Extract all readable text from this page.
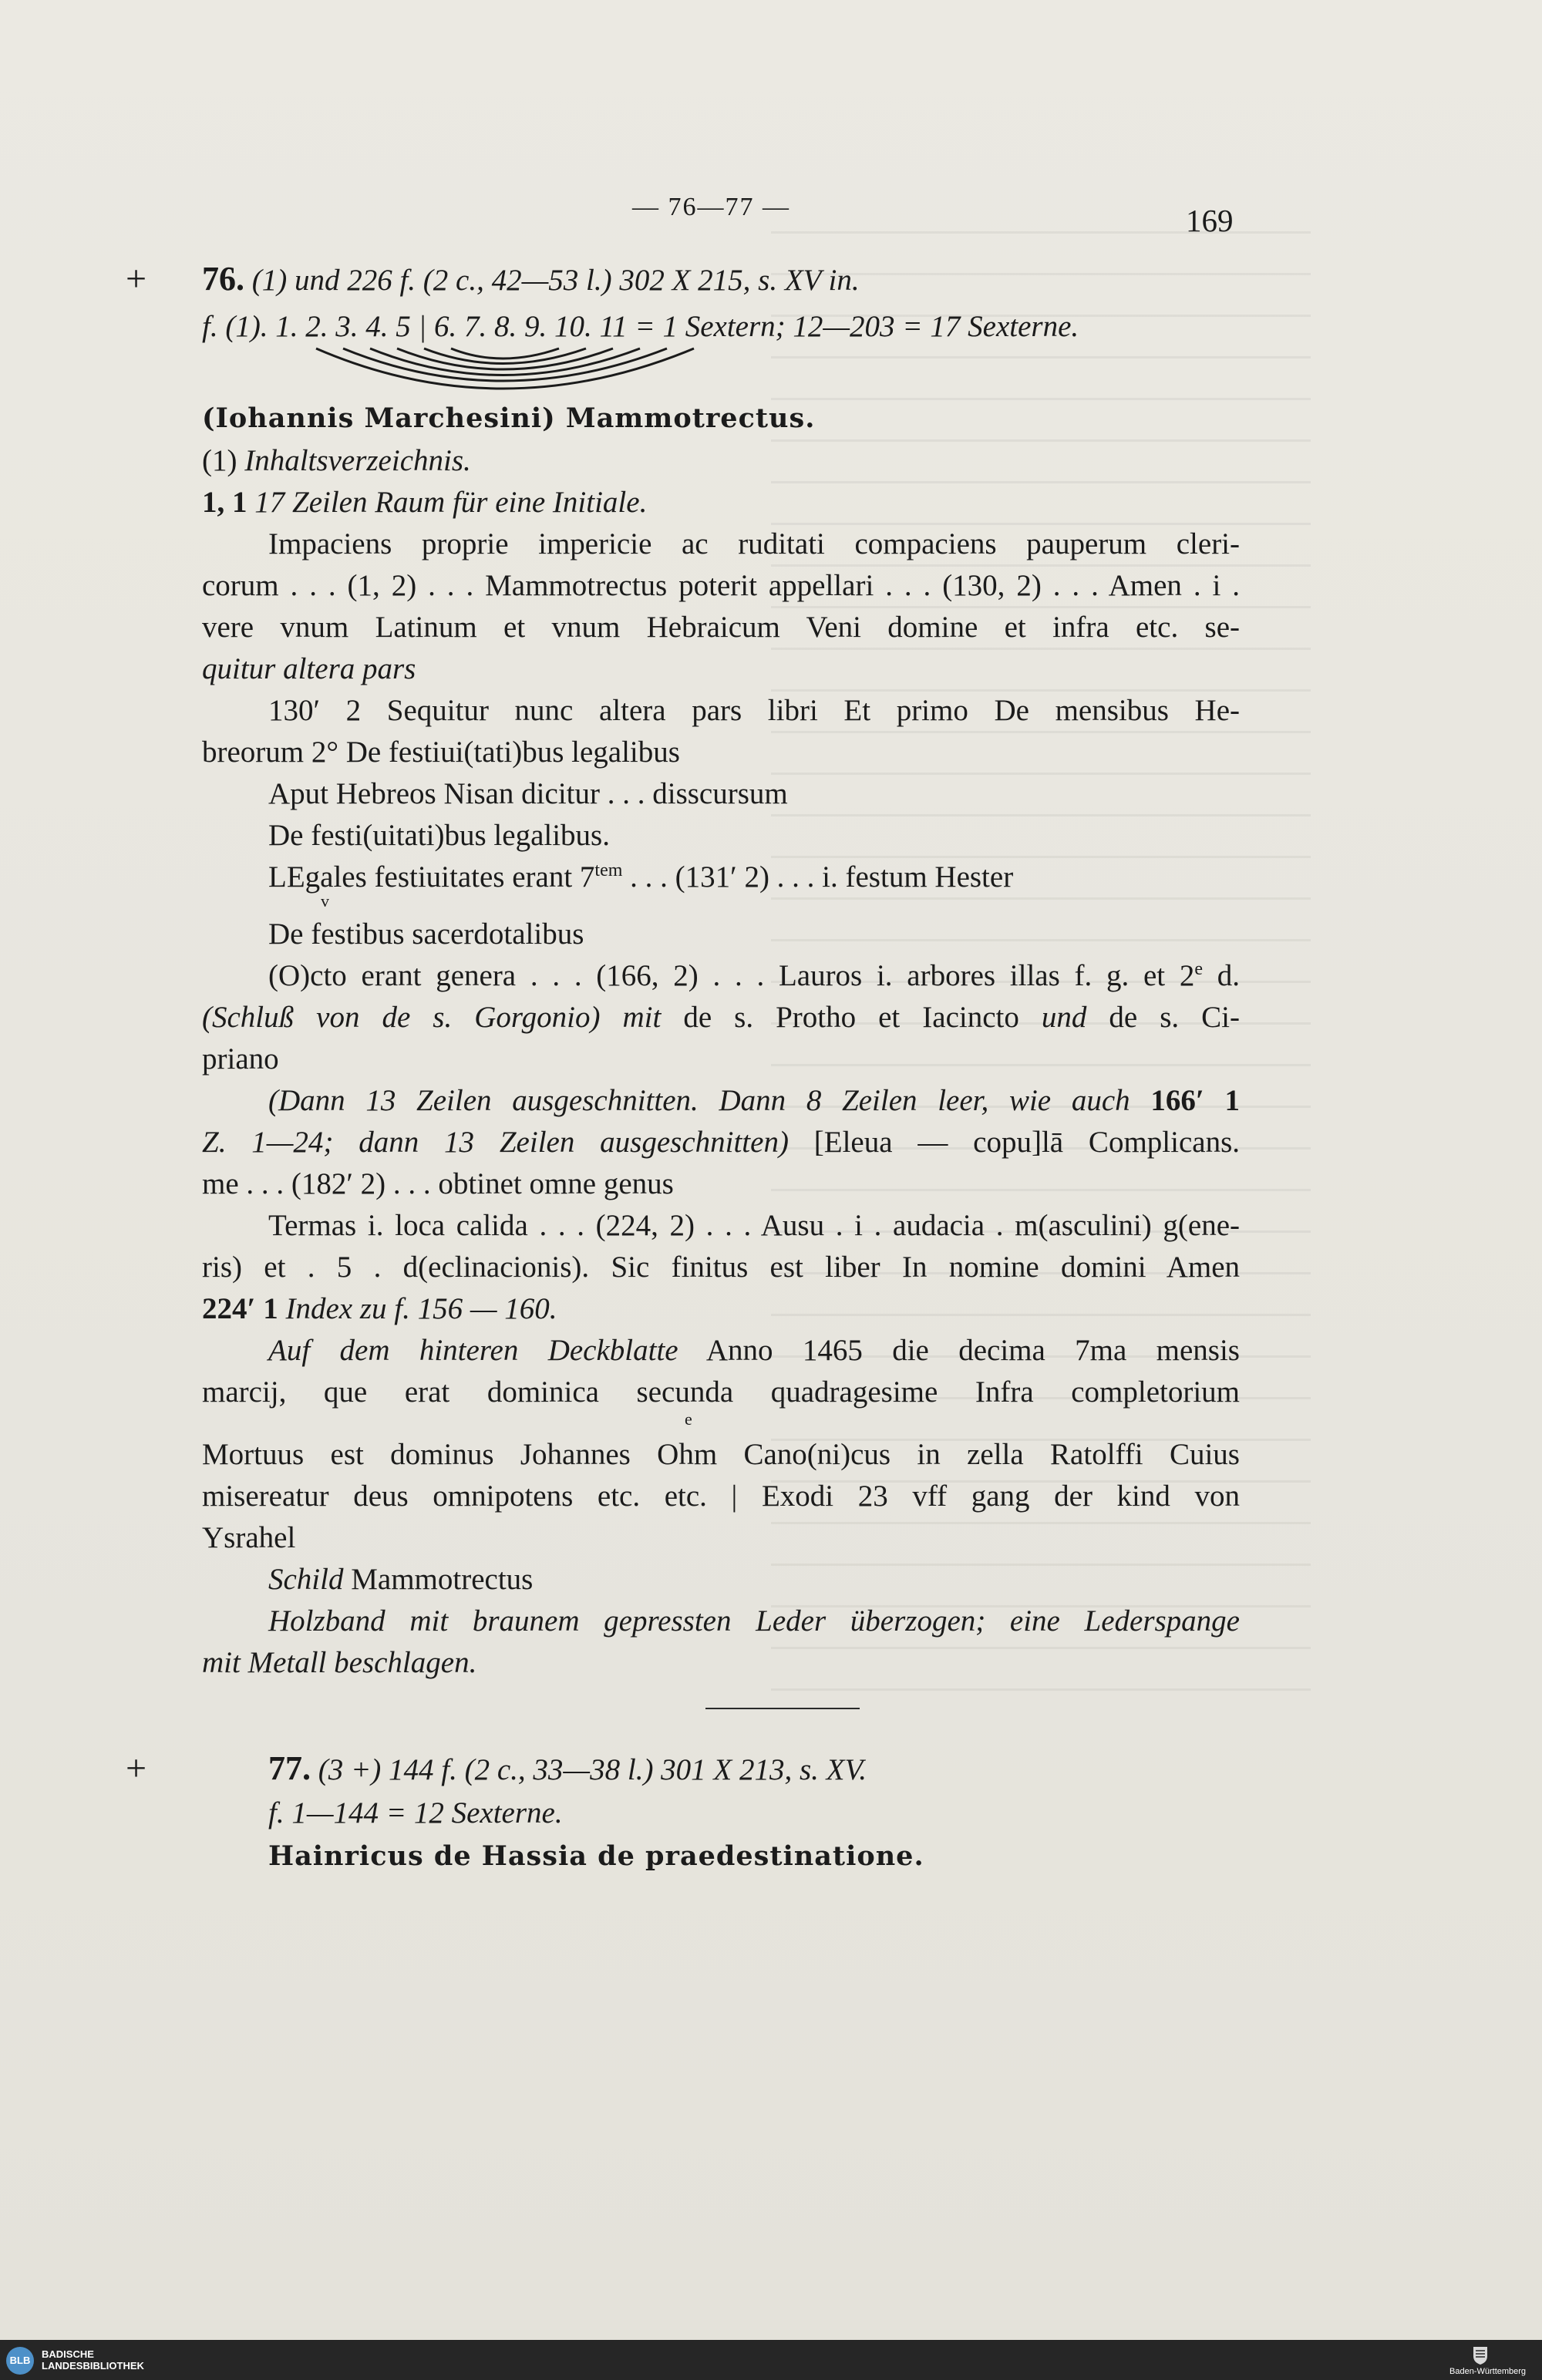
— 76—77 —	169
+
+
76. (1) und 226 f. (2 c., 42—53 l.) 302 X 215, s. XV in.
f. (1). 1. 2. 3. 4. 5 | 6. 7. 8. 9. 10. 11 = 1 Sextern; 12—203 = 17 Sexterne.
(Iohannis Marchesini) Mammotrectus.
(1) Inhaltsverzeichnis.
1, 1 17 Zeilen Raum für eine Initiale.
Impaciens proprie impericie ac ruditati compaciens pauperum cleri-
corum . . . (1, 2) . . . Mammotrectus poterit appellari . . . (130, 2) . . . Amen . i .
vere vnum Latinum et vnum Hebraicum Veni domine et infra etc. se-
quitur altera pars
130′ 2 Sequitur nunc altera pars libri Et primo De mensibus He-
breorum 2° De festiui(tati)bus legalibus
Aput Hebreos Nisan dicitur . . . disscursum
De festi(uitati)bus legalibus.
LEgales festiuitates erant $7^{tem}$ . . . (131′ 2) . . . i. festum Hester
v
De festibus sacerdotalibus
(O)cto erant genera . . . (166, 2) . . . Lauros i. arbores illas f. g. et 2e d.
(Schluß von de s. Gorgonio) mit de s. Protho et Iacincto und de s. Ci-
priano
(Dann 13 Zeilen ausgeschnitten. Dann 8 Zeilen leer, wie auch 166′ 1
Z. 1—24; dann 13 Zeilen ausgeschnitten) [Eleua — copu]lā Complicans.
me . . . (182′ 2) . . . obtinet omne genus
Termas i. loca calida . . . (224, 2) . . . Ausu . i . audacia . m(asculini) g(ene-
ris) et . 5 . d(eclinacionis). Sic finitus est liber In nomine domini Amen
224′ 1 Index zu f. 156 — 160.
Auf dem hinteren Deckblatte Anno 1465 die decima 7ma mensis
marcij, que erat dominica secunda quadragesime Infra completorium
e
Mortuus est dominus Johannes Ohm Cano(ni)cus in zella Ratolffi Cuius
misereatur deus omnipotens etc. etc. | Exodi 23 vff gang der kind von
Ysrahel
Schild Mammotrectus
Holzband mit braunem gepressten Leder überzogen; eine Lederspange
mit Metall beschlagen.
77. (3 +) 144 f. (2 c., 33—38 l.) 301 X 213, s. XV.
f. 1—144 = 12 Sexterne.
Hainricus de Hassia de praedestinatione.
BLB
BADISCHE
LANDESBIBLIOTHEK	Baden-Württemberg
